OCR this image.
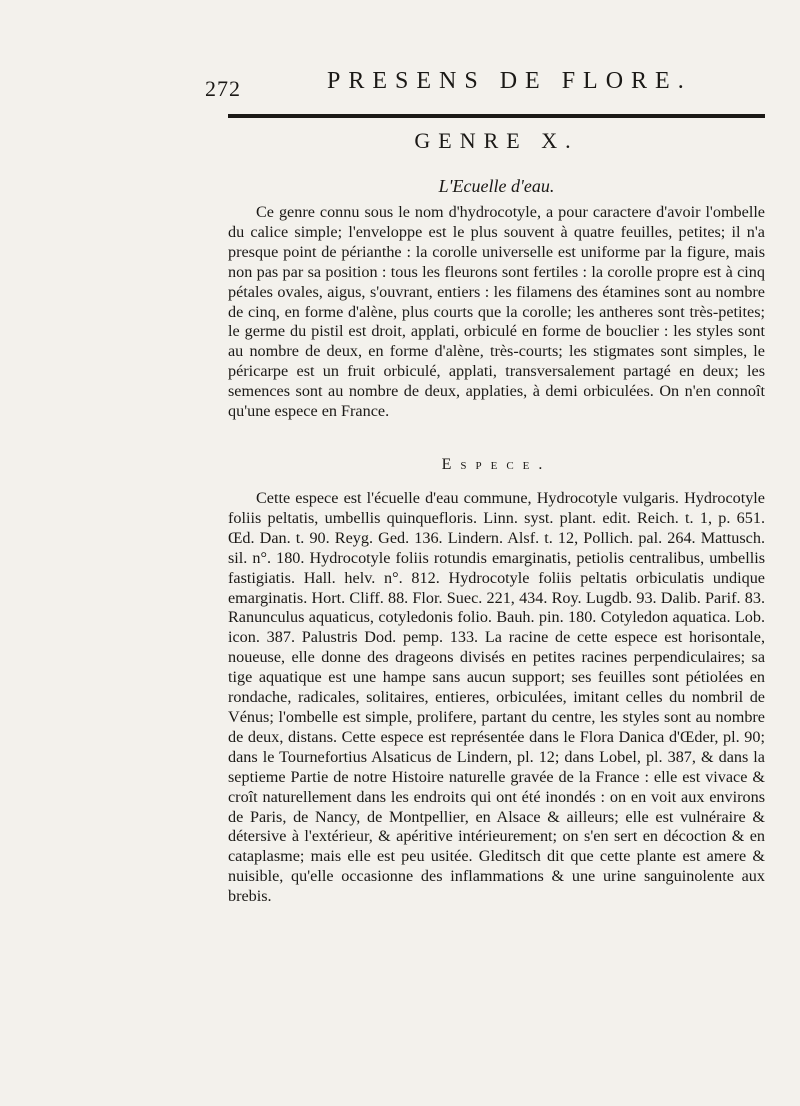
272	PRESENS DE FLORE.
GENRE X.
L'Ecuelle d'eau.
Ce genre connu sous le nom d'hydrocotyle, a pour caractere d'avoir l'ombelle du calice simple; l'enveloppe est le plus souvent à quatre feuilles, petites; il n'a presque point de périanthe : la corolle universelle est uniforme par la figure, mais non pas par sa position : tous les fleurons sont fertiles : la corolle propre est à cinq pétales ovales, aigus, s'ouvrant, entiers : les filamens des étamines sont au nombre de cinq, en forme d'alène, plus courts que la corolle; les antheres sont très-petites; le germe du pistil est droit, applati, orbiculé en forme de bouclier : les styles sont au nombre de deux, en forme d'alène, très-courts; les stigmates sont simples, le péricarpe est un fruit orbiculé, applati, transversalement partagé en deux; les semences sont au nombre de deux, applaties, à demi orbiculées. On n'en connoît qu'une espece en France.
Espece.
Cette espece est l'écuelle d'eau commune, Hydrocotyle vulgaris. Hydrocotyle foliis peltatis, umbellis quinquefloris. Linn. syst. plant. edit. Reich. t. 1, p. 651. Œd. Dan. t. 90. Reyg. Ged. 136. Lindern. Alsf. t. 12, Pollich. pal. 264. Mattusch. sil. n°. 180. Hydrocotyle foliis rotundis emarginatis, petiolis centralibus, umbellis fastigiatis. Hall. helv. n°. 812. Hydrocotyle foliis peltatis orbiculatis undique emarginatis. Hort. Cliff. 88. Flor. Suec. 221, 434. Roy. Lugdb. 93. Dalib. Parif. 83. Ranunculus aquaticus, cotyledonis folio. Bauh. pin. 180. Cotyledon aquatica. Lob. icon. 387. Palustris Dod. pemp. 133. La racine de cette espece est horisontale, noueuse, elle donne des drageons divisés en petites racines perpendiculaires; sa tige aquatique est une hampe sans aucun support; ses feuilles sont pétiolées en rondache, radicales, solitaires, entieres, orbiculées, imitant celles du nombril de Vénus; l'ombelle est simple, prolifere, partant du centre, les styles sont au nombre de deux, distans. Cette espece est représentée dans le Flora Danica d'Œder, pl. 90; dans le Tournefortius Alsaticus de Lindern, pl. 12; dans Lobel, pl. 387, & dans la septieme Partie de notre Histoire naturelle gravée de la France : elle est vivace & croît naturellement dans les endroits qui ont été inondés : on en voit aux environs de Paris, de Nancy, de Montpellier, en Alsace & ailleurs; elle est vulnéraire & détersive à l'extérieur, & apéritive intérieurement; on s'en sert en décoction & en cataplasme; mais elle est peu usitée. Gleditsch dit que cette plante est amere & nuisible, qu'elle occasionne des inflammations & une urine sanguinolente aux brebis.
